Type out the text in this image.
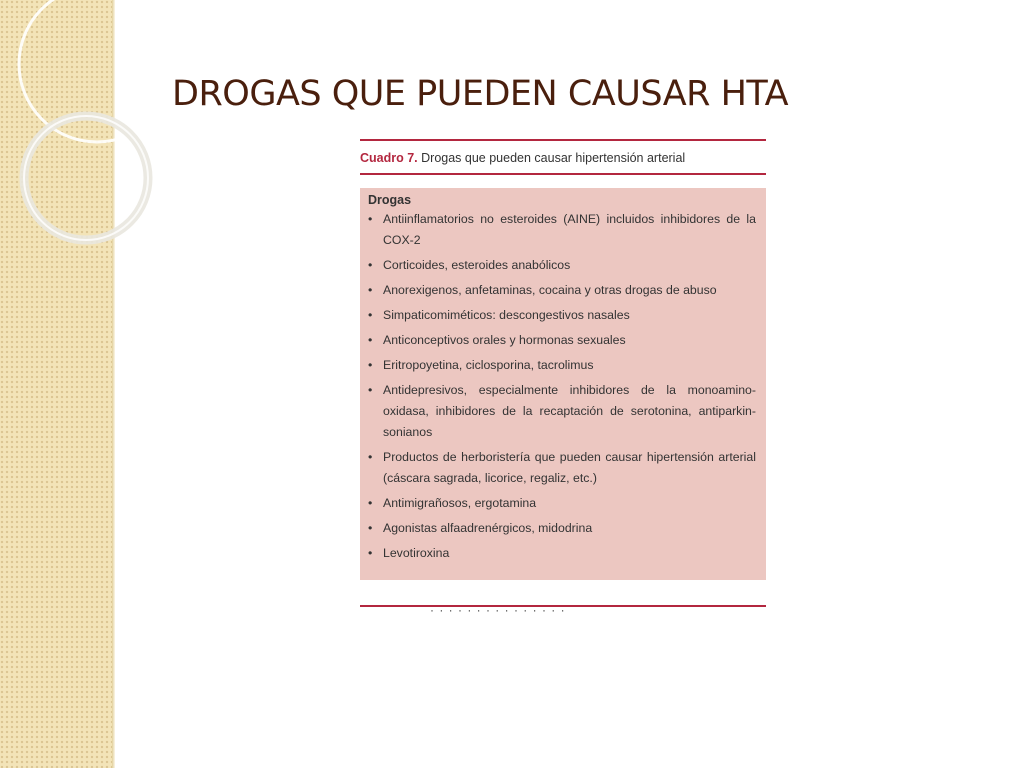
DROGAS QUE PUEDEN CAUSAR HTA
Cuadro 7. Drogas que pueden causar hipertensión arterial
Drogas
• Antiinflamatorios no esteroides (AINE) incluidos inhibidores de la COX-2
• Corticoides, esteroides anabólicos
• Anorexigenos, anfetaminas, cocaina y otras drogas de abuso
• Simpaticomiméticos: descongestivos nasales
• Anticonceptivos orales y hormonas sexuales
• Eritropoyetina, ciclosporina, tacrolimus
• Antidepresivos, especialmente inhibidores de la monoamino-oxidasa, inhibidores de la recaptación de serotonina, antiparkin-sonianos
• Productos de herboristería que pueden causar hipertensión arterial (cáscara sagrada, licorice, regaliz, etc.)
• Antimigrañosos, ergotamina
• Agonistas alfaadrenérgicos, midodrina
• Levotiroxina
· · · · · · · · · · · · · · ·
